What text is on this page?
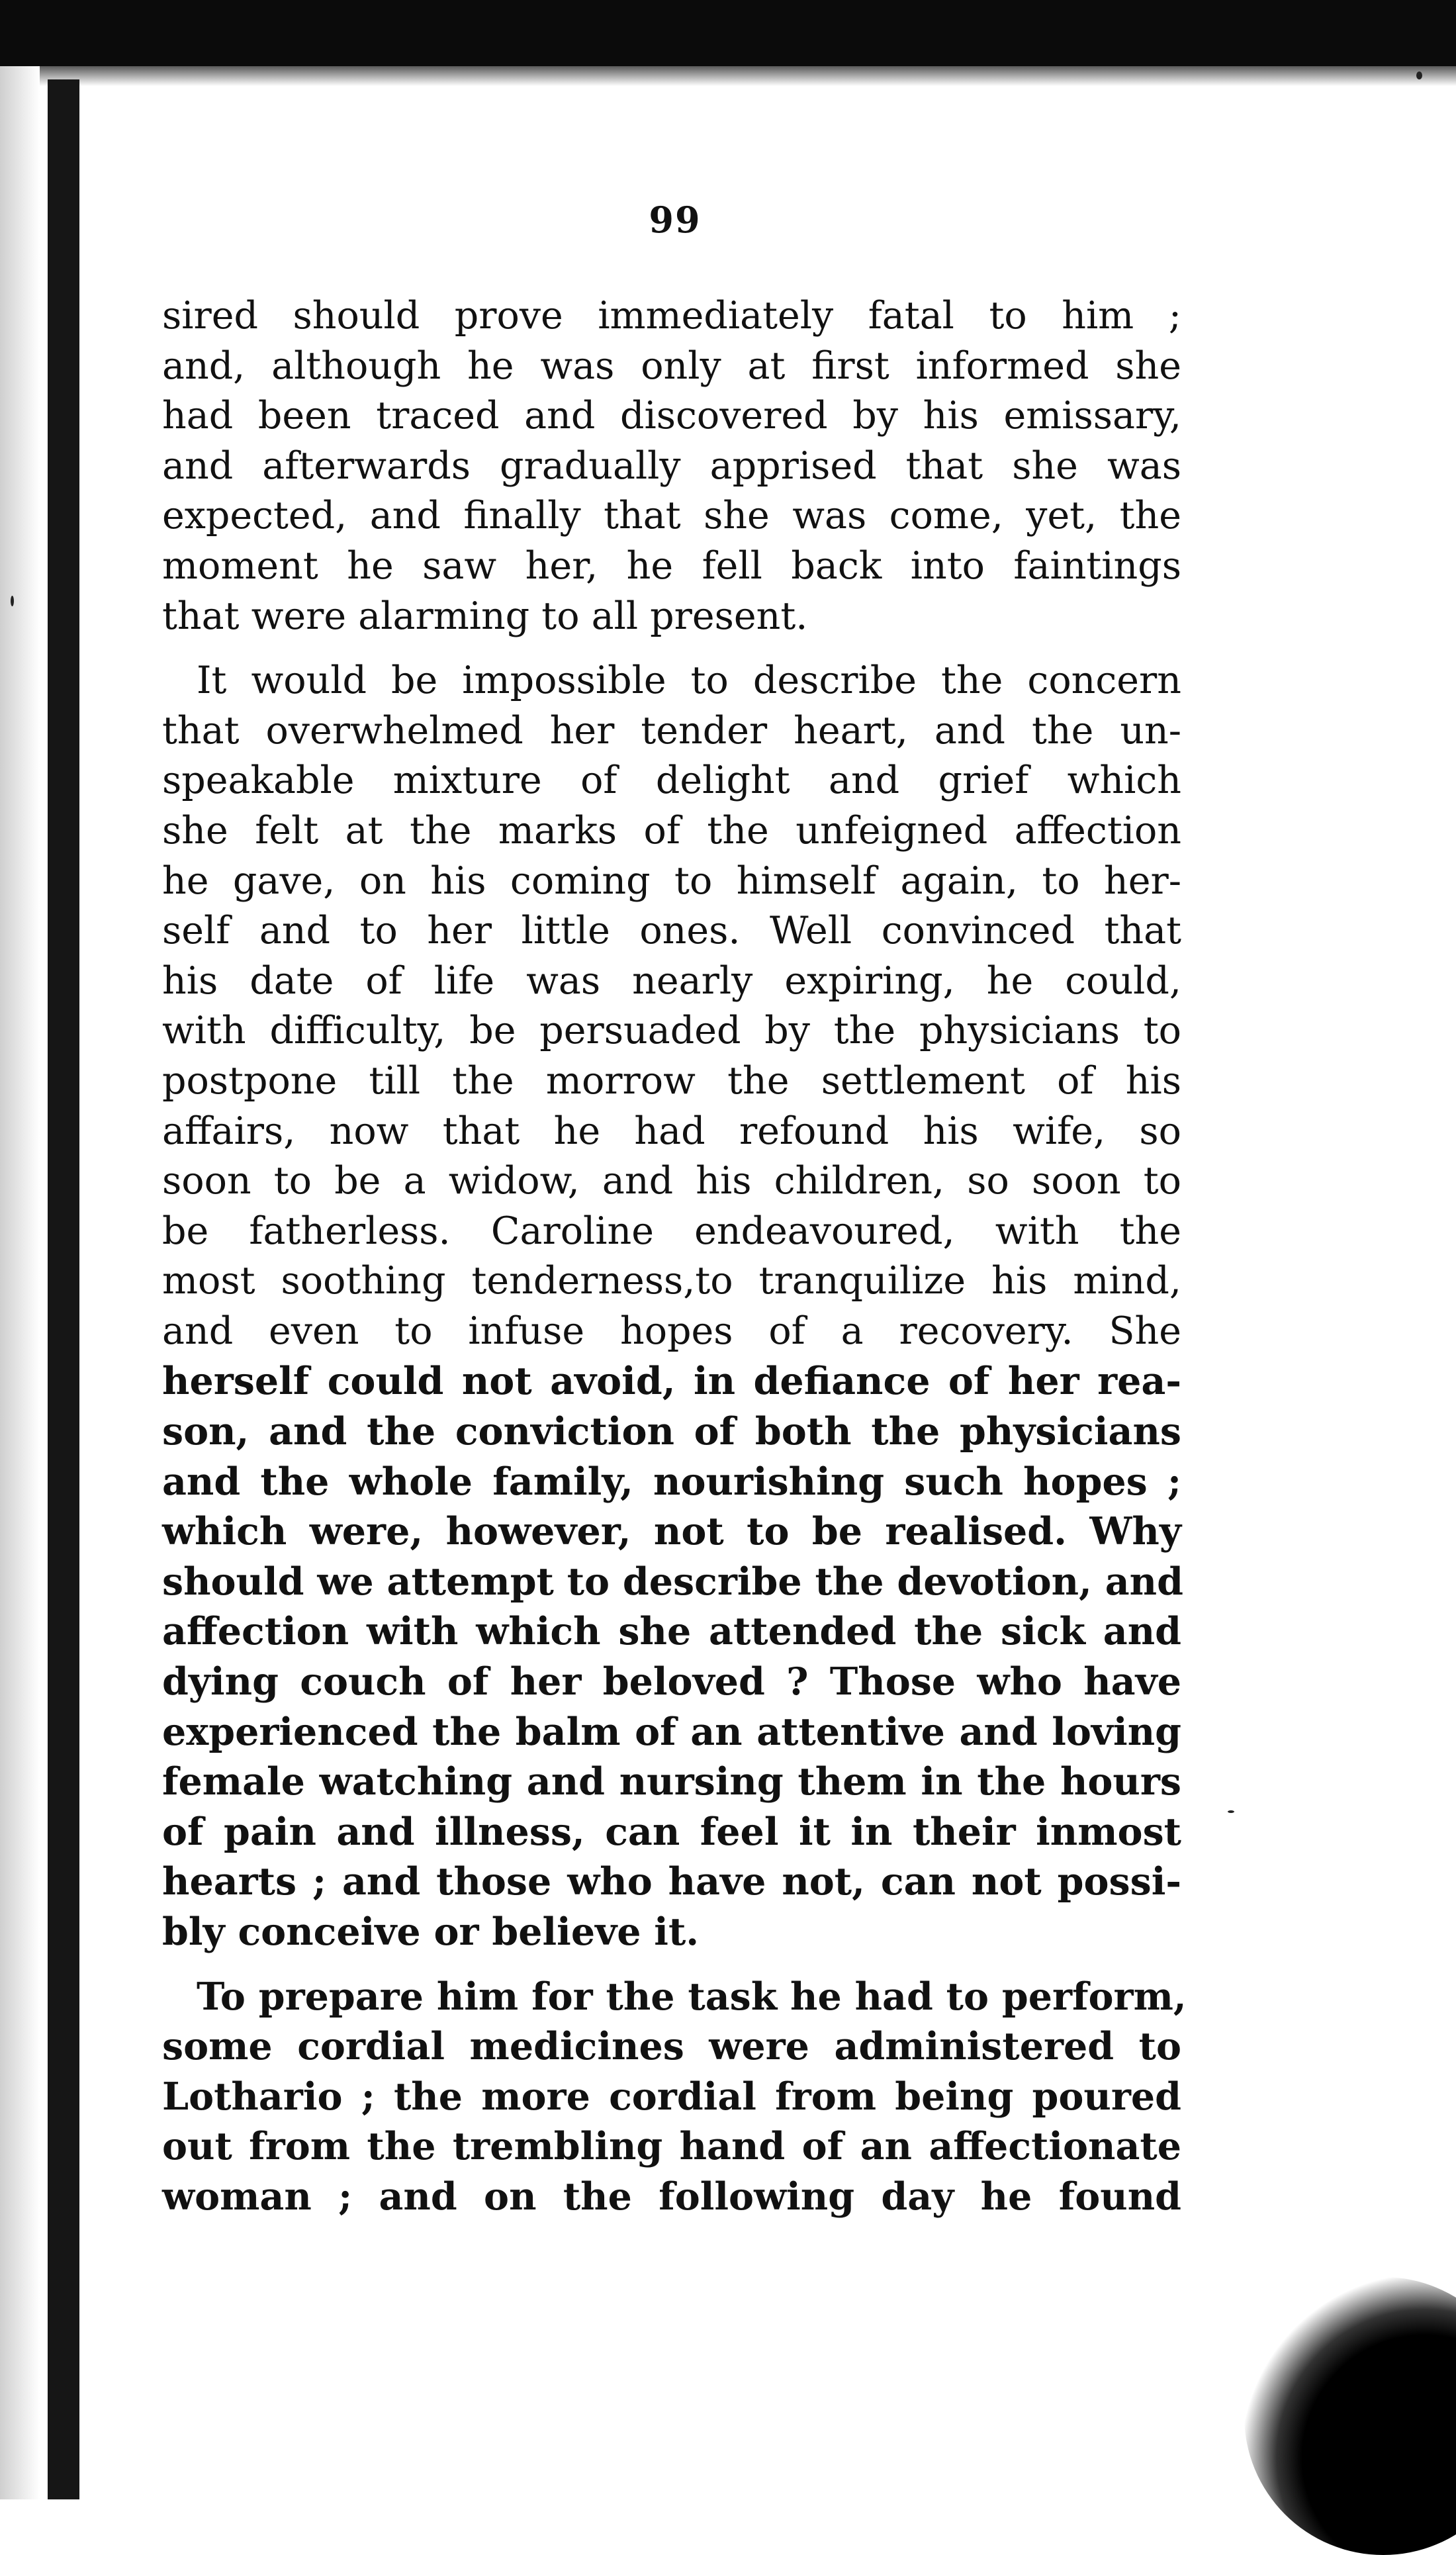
99
sired should prove immediately fatal to him ;
and, although he was only at first informed she
had been traced and discovered by his emissary,
and afterwards gradually apprised that she was
expected, and finally that she was come, yet, the
moment he saw her, he fell back into faintings
that were alarming to all present.
It would be impossible to describe the concern
that overwhelmed her tender heart, and the un-
speakable mixture of delight and grief which
she felt at the marks of the unfeigned affection
he gave, on his coming to himself again, to her-
self and to her little ones. Well convinced that
his date of life was nearly expiring, he could,
with difficulty, be persuaded by the physicians to
postpone till the morrow the settlement of his
affairs, now that he had refound his wife, so
soon to be a widow, and his children, so soon to
be fatherless. Caroline endeavoured, with the
most soothing tenderness,to tranquilize his mind,
and even to infuse hopes of a recovery. She
herself could not avoid, in defiance of her rea-
son, and the conviction of both the physicians
and the whole family, nourishing such hopes ;
which were, however, not to be realised. Why
should we attempt to describe the devotion, and
affection with which she attended the sick and
dying couch of her beloved ? Those who have
experienced the balm of an attentive and loving
female watching and nursing them in the hours
of pain and illness, can feel it in their inmost
hearts ; and those who have not, can not possi-
bly conceive or believe it.
To prepare him for the task he had to perform,
some cordial medicines were administered to
Lothario ; the more cordial from being poured
out from the trembling hand of an affectionate
woman ; and on the following day he found
